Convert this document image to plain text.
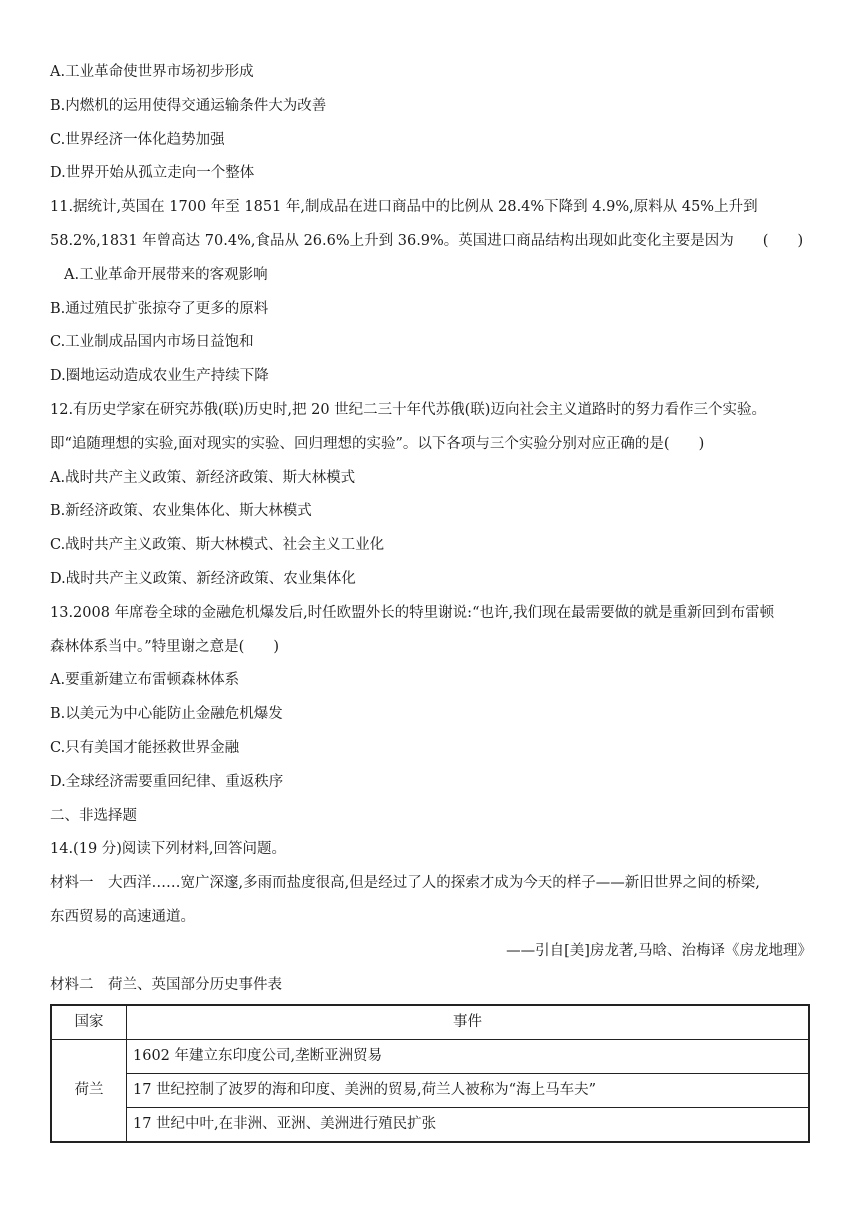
A.工业革命使世界市场初步形成
B.内燃机的运用使得交通运输条件大为改善
C.世界经济一体化趋势加强
D.世界开始从孤立走向一个整体
11.据统计,英国在 1700 年至 1851 年,制成品在进口商品中的比例从 28.4%下降到 4.9%,原料从 45%上升到
58.2%,1831 年曾高达 70.4%,食品从 26.6%上升到 36.9%。英国进口商品结构出现如此变化主要是因为　　(　　)
A.工业革命开展带来的客观影响
B.通过殖民扩张掠夺了更多的原料
C.工业制成品国内市场日益饱和
D.圈地运动造成农业生产持续下降
12.有历史学家在研究苏俄(联)历史时,把 20 世纪二三十年代苏俄(联)迈向社会主义道路时的努力看作三个实验。
即“追随理想的实验,面对现实的实验、回归理想的实验”。以下各项与三个实验分别对应正确的是(　　)
A.战时共产主义政策、新经济政策、斯大林模式
B.新经济政策、农业集体化、斯大林模式
C.战时共产主义政策、斯大林模式、社会主义工业化
D.战时共产主义政策、新经济政策、农业集体化
13.2008 年席卷全球的金融危机爆发后,时任欧盟外长的特里谢说:“也许,我们现在最需要做的就是重新回到布雷顿
森林体系当中。”特里谢之意是(　　)
A.要重新建立布雷顿森林体系
B.以美元为中心能防止金融危机爆发
C.只有美国才能拯救世界金融
D.全球经济需要重回纪律、重返秩序
二、非选择题
14.(19 分)阅读下列材料,回答问题。
材料一　大西洋……宽广深邃,多雨而盐度很高,但是经过了人的探索才成为今天的样子——新旧世界之间的桥梁,
东西贸易的高速通道。
——引自[美]房龙著,马晗、治梅译《房龙地理》
材料二　荷兰、英国部分历史事件表
国家	事件
荷兰	1602 年建立东印度公司,垄断亚洲贸易
	17 世纪控制了波罗的海和印度、美洲的贸易,荷兰人被称为“海上马车夫”
	17 世纪中叶,在非洲、亚洲、美洲进行殖民扩张
